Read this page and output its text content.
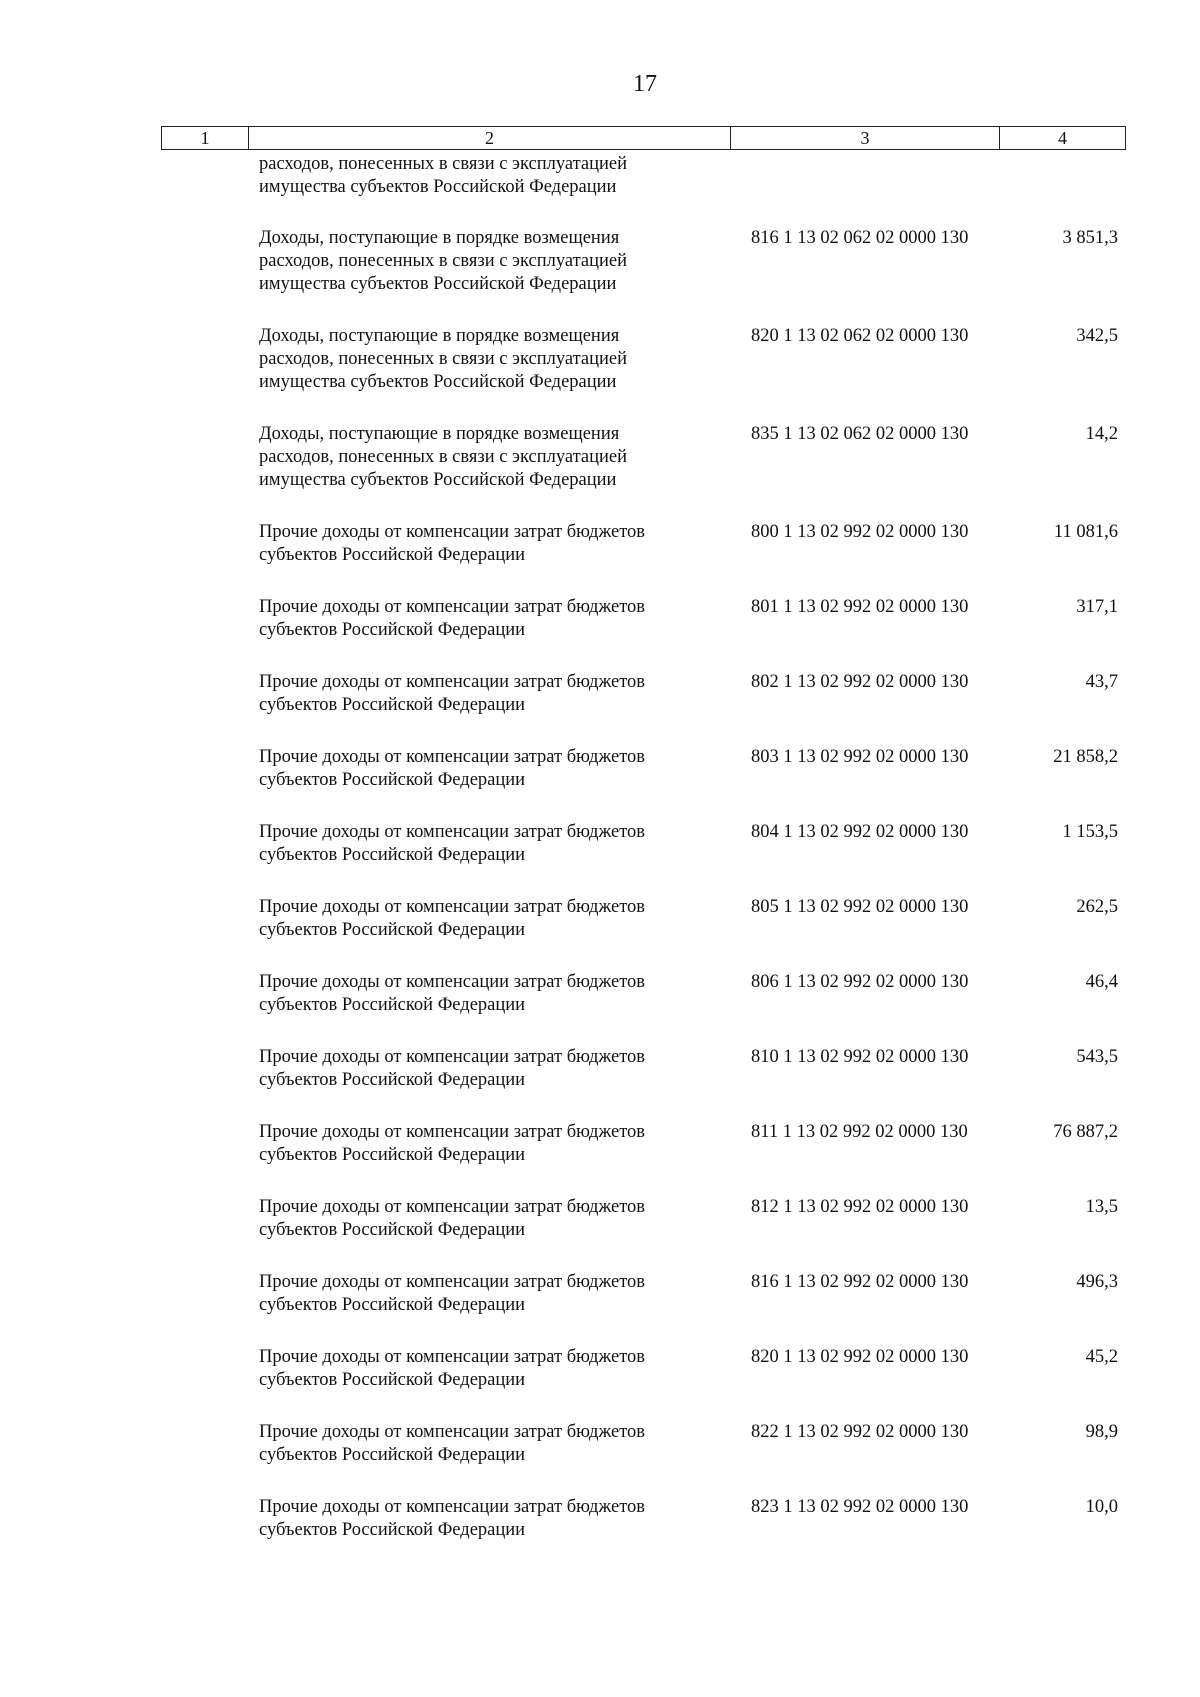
17
1	2	3	4
расходов, понесенных в связи с эксплуатацией
имущества субъектов Российской Федерации
Доходы, поступающие в порядке возмещения
расходов, понесенных в связи с эксплуатацией
имущества субъектов Российской Федерации
816 1 13 02 062 02 0000 130	3 851,3
Доходы, поступающие в порядке возмещения
расходов, понесенных в связи с эксплуатацией
имущества субъектов Российской Федерации
820 1 13 02 062 02 0000 130	342,5
Доходы, поступающие в порядке возмещения
расходов, понесенных в связи с эксплуатацией
имущества субъектов Российской Федерации
835 1 13 02 062 02 0000 130	14,2
Прочие доходы от компенсации затрат бюджетов
субъектов Российской Федерации
800 1 13 02 992 02 0000 130	11 081,6
Прочие доходы от компенсации затрат бюджетов
субъектов Российской Федерации
801 1 13 02 992 02 0000 130	317,1
Прочие доходы от компенсации затрат бюджетов
субъектов Российской Федерации
802 1 13 02 992 02 0000 130	43,7
Прочие доходы от компенсации затрат бюджетов
субъектов Российской Федерации
803 1 13 02 992 02 0000 130	21 858,2
Прочие доходы от компенсации затрат бюджетов
субъектов Российской Федерации
804 1 13 02 992 02 0000 130	1 153,5
Прочие доходы от компенсации затрат бюджетов
субъектов Российской Федерации
805 1 13 02 992 02 0000 130	262,5
Прочие доходы от компенсации затрат бюджетов
субъектов Российской Федерации
806 1 13 02 992 02 0000 130	46,4
Прочие доходы от компенсации затрат бюджетов
субъектов Российской Федерации
810 1 13 02 992 02 0000 130	543,5
Прочие доходы от компенсации затрат бюджетов
субъектов Российской Федерации
811 1 13 02 992 02 0000 130	76 887,2
Прочие доходы от компенсации затрат бюджетов
субъектов Российской Федерации
812 1 13 02 992 02 0000 130	13,5
Прочие доходы от компенсации затрат бюджетов
субъектов Российской Федерации
816 1 13 02 992 02 0000 130	496,3
Прочие доходы от компенсации затрат бюджетов
субъектов Российской Федерации
820 1 13 02 992 02 0000 130	45,2
Прочие доходы от компенсации затрат бюджетов
субъектов Российской Федерации
822 1 13 02 992 02 0000 130	98,9
Прочие доходы от компенсации затрат бюджетов
субъектов Российской Федерации
823 1 13 02 992 02 0000 130	10,0
